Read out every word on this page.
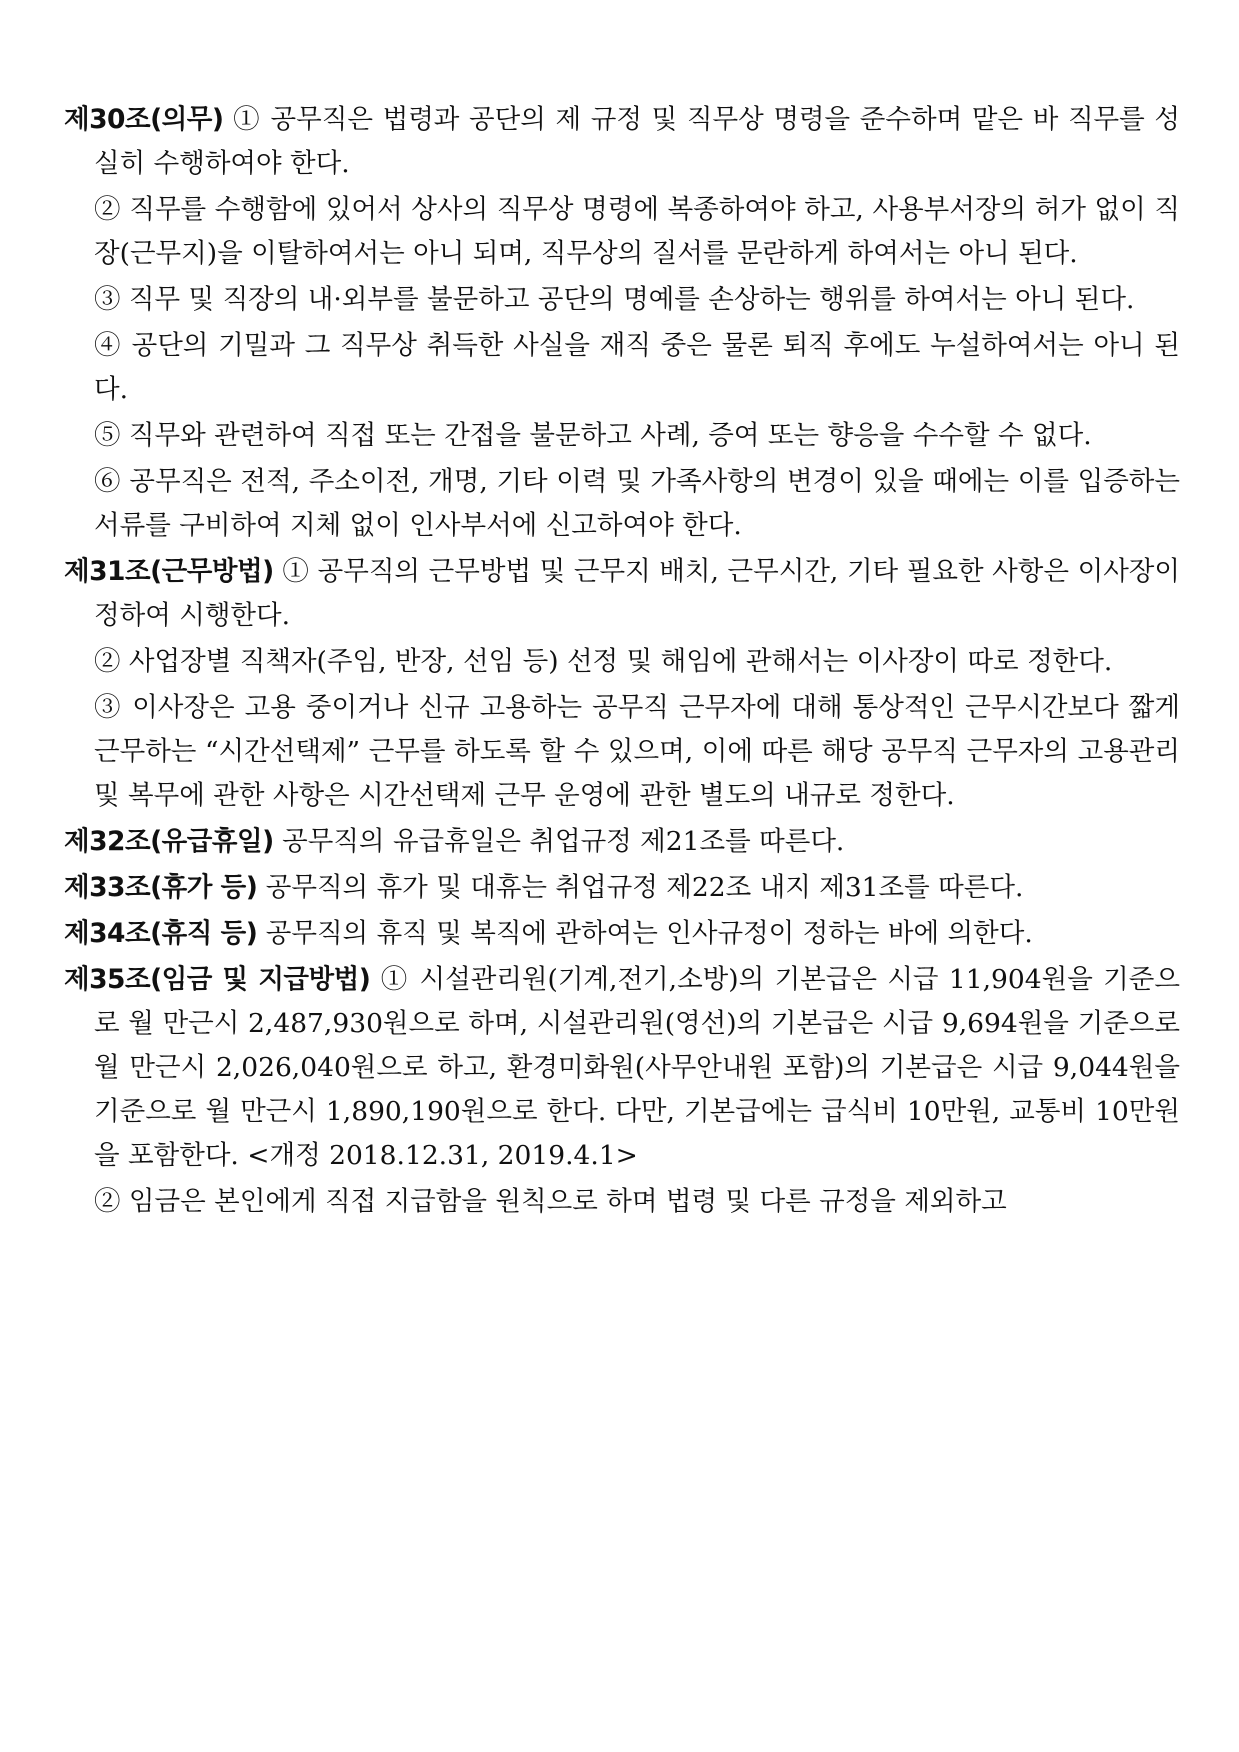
제30조(의무) ① 공무직은 법령과 공단의 제 규정 및 직무상 명령을 준수하며 맡은 바 직무를 성실히 수행하여야 한다.

② 직무를 수행함에 있어서 상사의 직무상 명령에 복종하여야 하고, 사용부서장의 허가 없이 직장(근무지)을 이탈하여서는 아니 되며, 직무상의 질서를 문란하게 하여서는 아니 된다.

③ 직무 및 직장의 내·외부를 불문하고 공단의 명예를 손상하는 행위를 하여서는 아니 된다.

④ 공단의 기밀과 그 직무상 취득한 사실을 재직 중은 물론 퇴직 후에도 누설하여서는 아니 된다.

⑤ 직무와 관련하여 직접 또는 간접을 불문하고 사례, 증여 또는 향응을 수수할 수 없다.

⑥ 공무직은 전적, 주소이전, 개명, 기타 이력 및 가족사항의 변경이 있을 때에는 이를 입증하는 서류를 구비하여 지체 없이 인사부서에 신고하여야 한다.

제31조(근무방법) ① 공무직의 근무방법 및 근무지 배치, 근무시간, 기타 필요한 사항은 이사장이 정하여 시행한다.

② 사업장별 직책자(주임, 반장, 선임 등) 선정 및 해임에 관해서는 이사장이 따로 정한다.

③ 이사장은 고용 중이거나 신규 고용하는 공무직 근무자에 대해 통상적인 근무시간보다 짧게 근무하는 “시간선택제” 근무를 하도록 할 수 있으며, 이에 따른 해당 공무직 근무자의 고용관리 및 복무에 관한 사항은 시간선택제 근무 운영에 관한 별도의 내규로 정한다.

제32조(유급휴일) 공무직의 유급휴일은 취업규정 제21조를 따른다.

제33조(휴가 등) 공무직의 휴가 및 대휴는 취업규정 제22조 내지 제31조를 따른다.

제34조(휴직 등) 공무직의 휴직 및 복직에 관하여는 인사규정이 정하는 바에 의한다.

제35조(임금 및 지급방법) ① 시설관리원(기계,전기,소방)의 기본급은 시급 11,904원을 기준으로 월 만근시 2,487,930원으로 하며, 시설관리원(영선)의 기본급은 시급 9,694원을 기준으로 월 만근시 2,026,040원으로 하고, 환경미화원(사무안내원 포함)의 기본급은 시급 9,044원을 기준으로 월 만근시 1,890,190원으로 한다. 다만, 기본급에는 급식비 10만원, 교통비 10만원을 포함한다. <개정 2018.12.31, 2019.4.1>

② 임금은 본인에게 직접 지급함을 원칙으로 하며 법령 및 다른 규정을 제외하고
